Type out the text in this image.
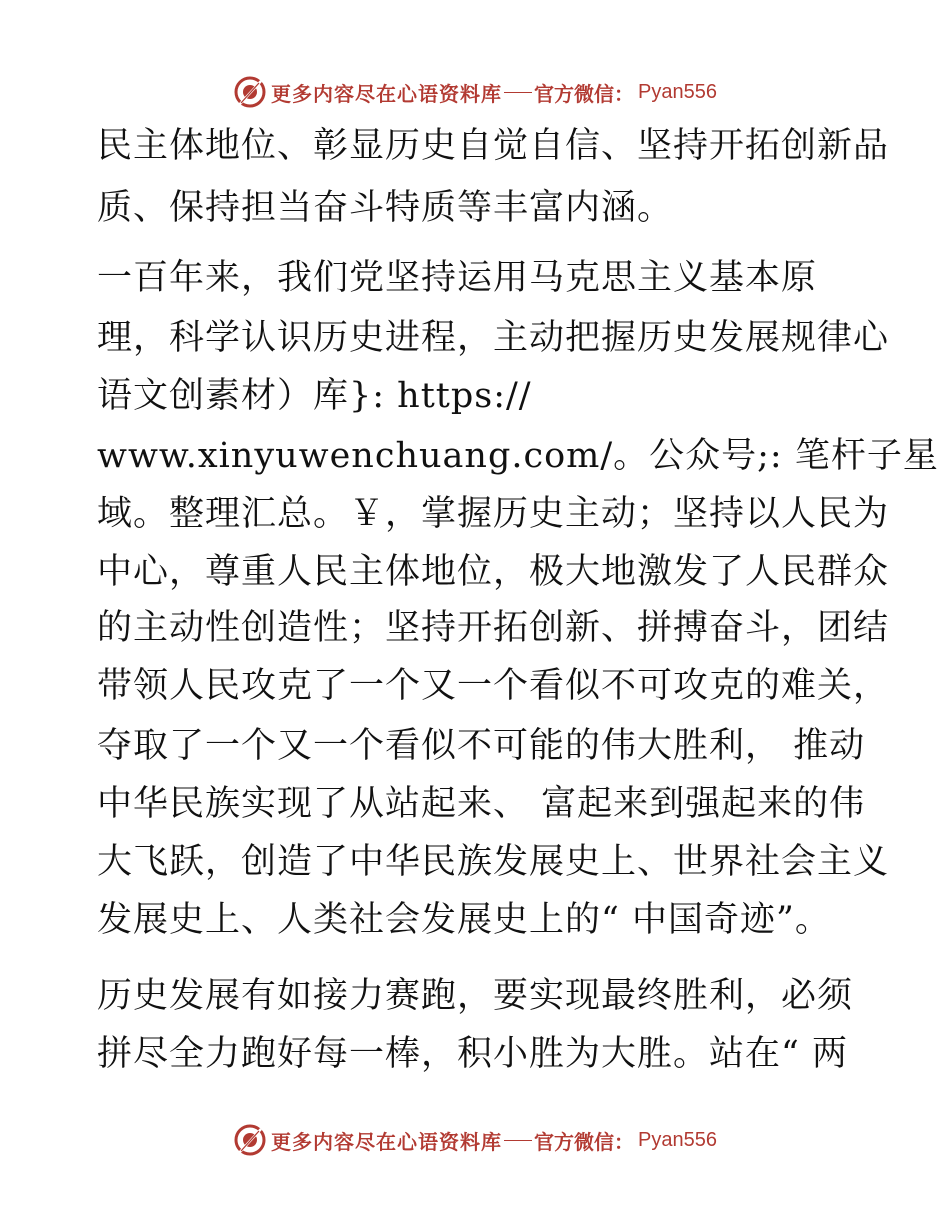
更多内容尽在心语资料库 官方微信： Pyan556
民主体地位、彰显历史自觉自信、坚持开拓创新品
质、保持担当奋斗特质等丰富内涵。
一百年来，我们党坚持运用马克思主义基本原
理，科学认识历史进程，主动把握历史发展规律心
语文创素材）库}: https://
www.xinyuwenchuang.com/。公众号;: 笔杆子星
域。整理汇总。￥，掌握历史主动；坚持以人民为
中心，尊重人民主体地位，极大地激发了人民群众
的主动性创造性；坚持开拓创新、拼搏奋斗，团结
带领人民攻克了一个又一个看似不可攻克的难关，
夺取了一个又一个看似不可能的伟大胜利， 推动
中华民族实现了从站起来、 富起来到强起来的伟
大飞跃，创造了中华民族发展史上、世界社会主义
发展史上、人类社会发展史上的“ 中国奇迹”。
历史发展有如接力赛跑，要实现最终胜利，必须
拼尽全力跑好每一棒，积小胜为大胜。站在“ 两
更多内容尽在心语资料库 官方微信： Pyan556
